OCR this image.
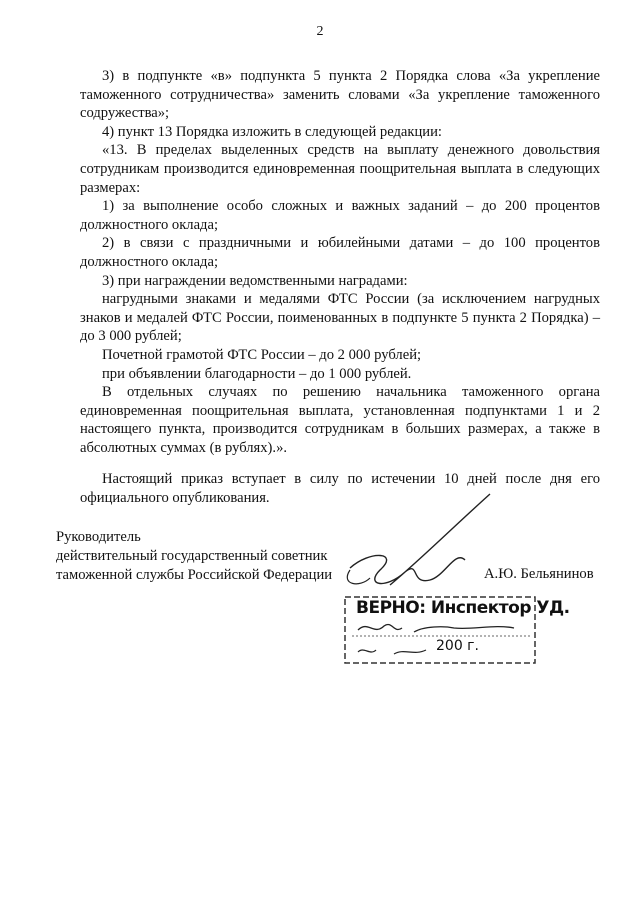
2

3) в подпункте «в» подпункта 5 пункта 2 Порядка слова «За укрепление таможенного сотрудничества» заменить словами «За укрепление таможенного содружества»;

4) пункт 13 Порядка изложить в следующей редакции:

«13. В пределах выделенных средств на выплату денежного довольствия сотрудникам производится единовременная поощрительная выплата в следующих размерах:

1) за выполнение особо сложных и важных заданий – до 200 процентов должностного оклада;

2) в связи с праздничными и юбилейными датами – до 100 процентов должностного оклада;

3) при награждении ведомственными наградами:

нагрудными знаками и медалями ФТС России (за исключением нагрудных знаков и медалей ФТС России, поименованных в подпункте 5 пункта 2 Порядка) – до 3 000 рублей;

Почетной грамотой ФТС России – до 2 000 рублей;

при объявлении благодарности – до 1 000 рублей.

В отдельных случаях по решению начальника таможенного органа единовременная поощрительная выплата, установленная подпунктами 1 и 2 настоящего пункта, производится сотрудникам в больших размерах, а также в абсолютных суммах (в рублях).».

Настоящий приказ вступает в силу по истечении 10 дней после дня его официального опубликования.

Руководитель
действительный государственный советник
таможенной службы Российской Федерации	А.Ю. Бельянинов
ВЕРНО: Инспектор УД.
200 г.
